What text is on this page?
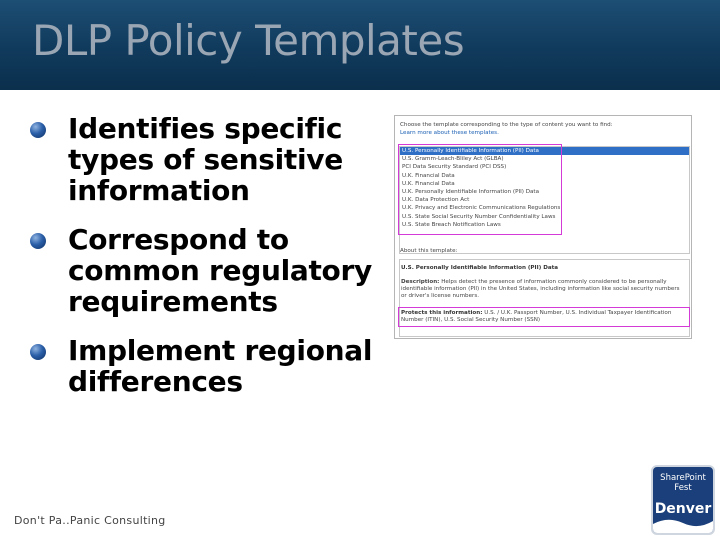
DLP Policy Templates
Identifies specific types of sensitive information
Correspond to common regulatory requirements
Implement regional differences
Choose the template corresponding to the type of content you want to find:
Learn more about these templates.
U.S. Personally Identifiable Information (PII) Data
U.S. Gramm-Leach-Bliley Act (GLBA)
PCI Data Security Standard (PCI DSS)
U.K. Financial Data
U.K. Financial Data
U.K. Personally Identifiable Information (PII) Data
U.K. Data Protection Act
U.K. Privacy and Electronic Communications Regulations
U.S. State Social Security Number Confidentiality Laws
U.S. State Breach Notification Laws
About this template:
U.S. Personally Identifiable Information (PII) Data
Description: Helps detect the presence of information commonly considered to be personally identifiable information (PII) in the United States, including information like social security numbers or driver's license numbers.
Protects this information: U.S. / U.K. Passport Number, U.S. Individual Taxpayer Identification Number (ITIN), U.S. Social Security Number (SSN)
Don't Pa..Panic Consulting
SharePoint
Fest
Denver
